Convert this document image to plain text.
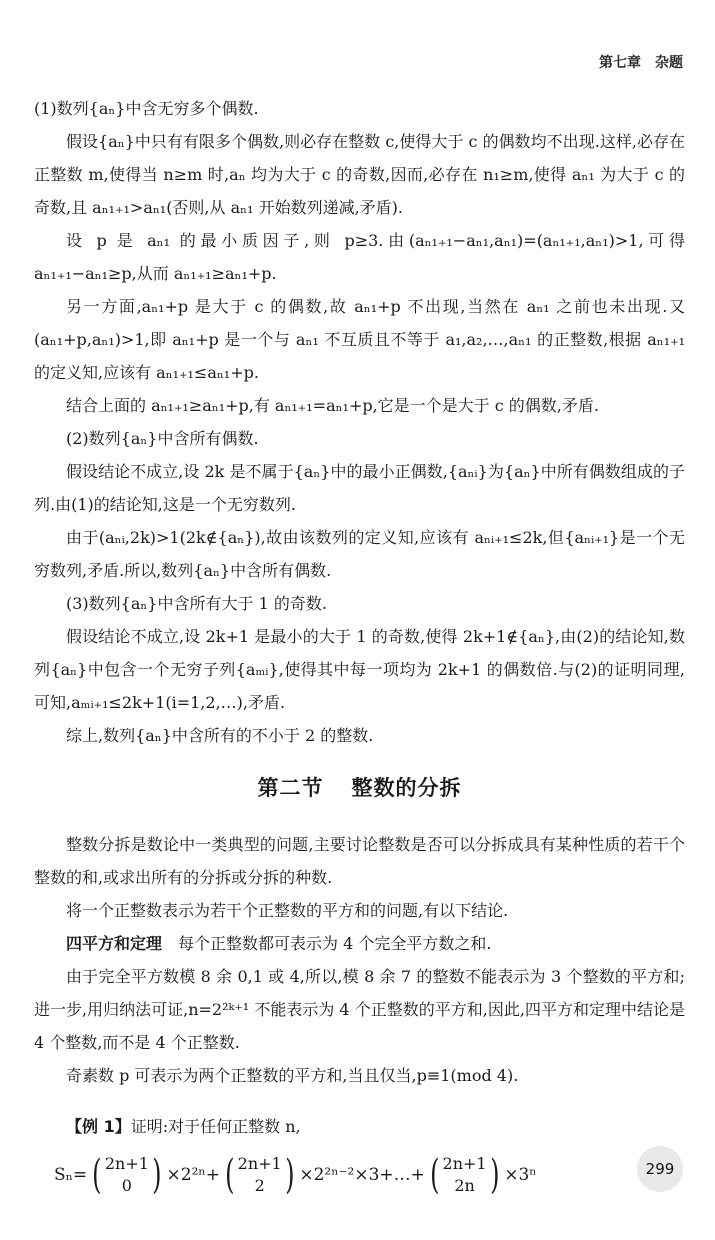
第七章　杂题

(1)数列{aₙ}中含无穷多个偶数.

假设{aₙ}中只有有限多个偶数,则必存在整数 c,使得大于 c 的偶数均不出现.这样,必存在正整数 m,使得当 n≥m 时,aₙ 均为大于 c 的奇数,因而,必存在 n₁≥m,使得 aₙ₁ 为大于 c 的奇数,且 aₙ₁₊₁>aₙ₁(否则,从 aₙ₁ 开始数列递减,矛盾).

设 p 是 aₙ₁ 的最小质因子,则 p≥3.由(aₙ₁₊₁−aₙ₁,aₙ₁)=(aₙ₁₊₁,aₙ₁)>1,可得 aₙ₁₊₁−aₙ₁≥p,从而 aₙ₁₊₁≥aₙ₁+p.

另一方面,aₙ₁+p 是大于 c 的偶数,故 aₙ₁+p 不出现,当然在 aₙ₁ 之前也未出现.又(aₙ₁+p,aₙ₁)>1,即 aₙ₁+p 是一个与 aₙ₁ 不互质且不等于 a₁,a₂,…,aₙ₁ 的正整数,根据 aₙ₁₊₁ 的定义知,应该有 aₙ₁₊₁≤aₙ₁+p.

结合上面的 aₙ₁₊₁≥aₙ₁+p,有 aₙ₁₊₁=aₙ₁+p,它是一个是大于 c 的偶数,矛盾.

(2)数列{aₙ}中含所有偶数.

假设结论不成立,设 2k 是不属于{aₙ}中的最小正偶数,{aₙᵢ}为{aₙ}中所有偶数组成的子列.由(1)的结论知,这是一个无穷数列.

由于(aₙᵢ,2k)>1(2k∉{aₙ}),故由该数列的定义知,应该有 aₙᵢ₊₁≤2k,但{aₙᵢ₊₁}是一个无穷数列,矛盾.所以,数列{aₙ}中含所有偶数.

(3)数列{aₙ}中含所有大于 1 的奇数.

假设结论不成立,设 2k+1 是最小的大于 1 的奇数,使得 2k+1∉{aₙ},由(2)的结论知,数列{aₙ}中包含一个无穷子列{aₘᵢ},使得其中每一项均为 2k+1 的偶数倍.与(2)的证明同理,可知,aₘᵢ₊₁≤2k+1(i=1,2,…),矛盾.

综上,数列{aₙ}中含所有的不小于 2 的整数.

第二节 整数的分拆

整数分拆是数论中一类典型的问题,主要讨论整数是否可以分拆成具有某种性质的若干个整数的和,或求出所有的分拆或分拆的种数.

将一个正整数表示为若干个正整数的平方和的问题,有以下结论.

四平方和定理　每个正整数都可表示为 4 个完全平方数之和.

由于完全平方数模 8 余 0,1 或 4,所以,模 8 余 7 的整数不能表示为 3 个整数的平方和;进一步,用归纳法可证,n=2²ᵏ⁺¹ 不能表示为 4 个正整数的平方和,因此,四平方和定理中结论是 4 个整数,而不是 4 个正整数.

奇素数 p 可表示为两个正整数的平方和,当且仅当,p≡1(mod 4).

【例 1】证明:对于任何正整数 n,

Sₙ= ( 2n+1
0 ) ×2²ⁿ+ ( 2n+1
2 ) ×2²ⁿ⁻²×3+…+ ( 2n+1
2n ) ×3ⁿ	299
